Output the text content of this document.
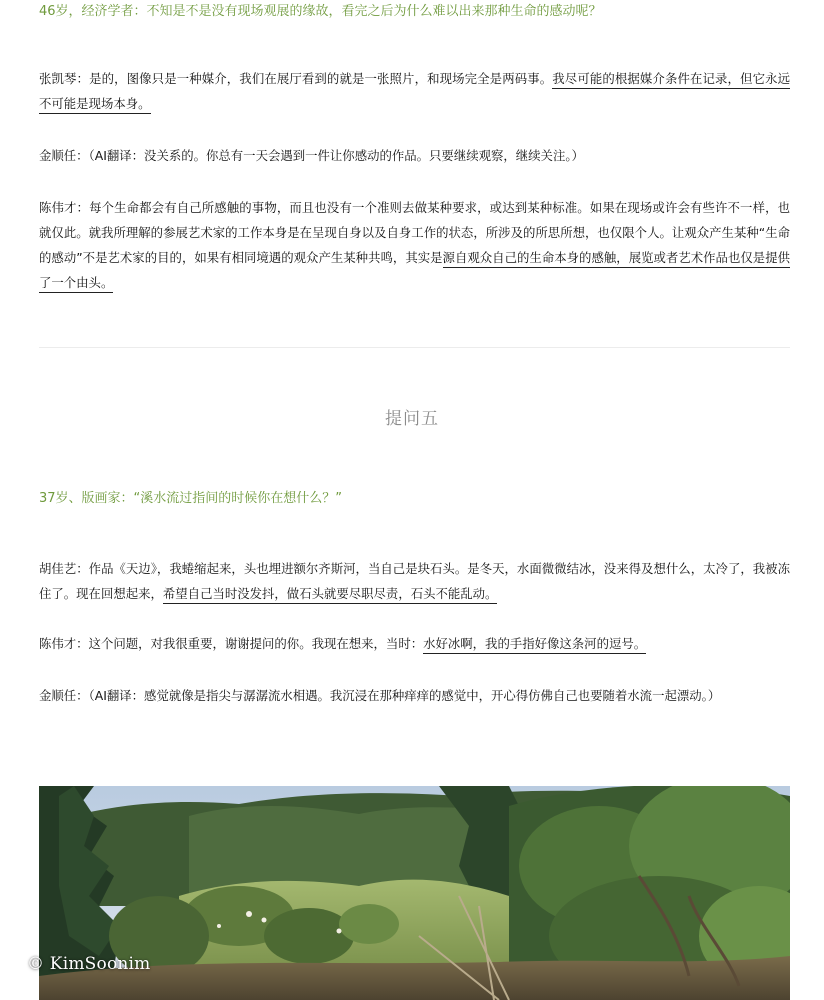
46岁，经济学者：不知是不是没有现场观展的缘故，看完之后为什么难以出来那种生命的感动呢？

张凯琴：是的，图像只是一种媒介，我们在展厅看到的就是一张照片，和现场完全是两码事。我尽可能的根据媒介条件在记录，但它永远不可能是现场本身。

金顺任：（AI翻译：没关系的。你总有一天会遇到一件让你感动的作品。只要继续观察，继续关注。）

陈伟才：每个生命都会有自己所感触的事物，而且也没有一个准则去做某种要求，或达到某种标准。如果在现场或许会有些许不一样，也就仅此。就我所理解的参展艺术家的工作本身是在呈现自身以及自身工作的状态，所涉及的所思所想，也仅限个人。让观众产生某种“生命的感动”不是艺术家的目的，如果有相同境遇的观众产生某种共鸣，其实是源自观众自己的生命本身的感触，展览或者艺术作品也仅是提供了一个由头。

提问五

37岁、版画家：“溪水流过指间的时候你在想什么？”

胡佳艺：作品《天边》，我蜷缩起来，头也埋进额尔齐斯河，当自己是块石头。是冬天，水面微微结冰，没来得及想什么，太冷了，我被冻住了。现在回想起来，希望自己当时没发抖，做石头就要尽职尽责，石头不能乱动。

陈伟才：这个问题，对我很重要，谢谢提问的你。我现在想来，当时：水好冰啊，我的手指好像这条河的逗号。

金顺任：（AI翻译：感觉就像是指尖与潺潺流水相遇。我沉浸在那种痒痒的感觉中，开心得仿佛自己也要随着水流一起漂动。）

© KimSoonim
